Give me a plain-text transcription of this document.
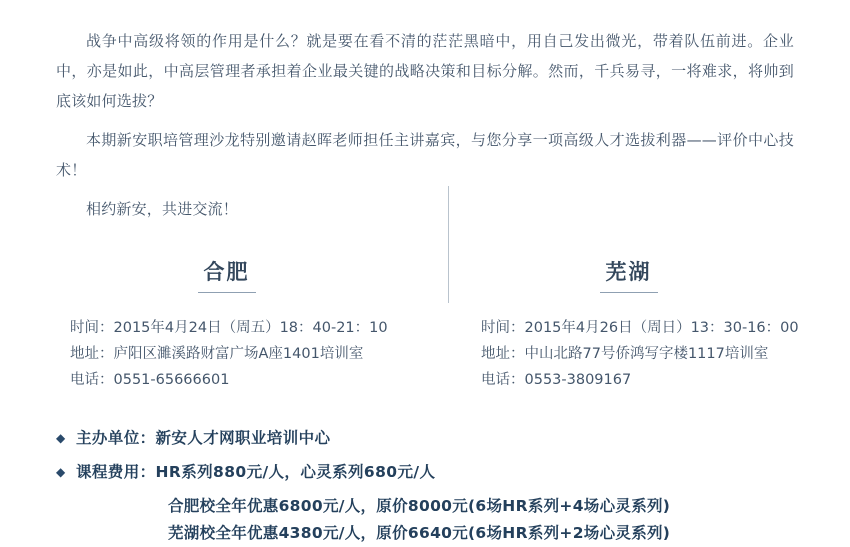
战争中高级将领的作用是什么？就是要在看不清的茫茫黑暗中，用自己发出微光，带着队伍前进。企业中，亦是如此，中高层管理者承担着企业最关键的战略决策和目标分解。然而，千兵易寻，一将难求，将帅到底该如何选拔？

本期新安职培管理沙龙特别邀请赵晖老师担任主讲嘉宾，与您分享一项高级人才选拔利器——评价中心技术！

相约新安，共进交流！

合肥
时间：2015年4月24日（周五）18：40-21：10
地址：庐阳区濉溪路财富广场A座1401培训室
电话：0551-65666601
芜湖
时间：2015年4月26日（周日）13：30-16：00
地址：中山北路77号侨鸿写字楼1117培训室
电话：0553-3809167
◆ 主办单位：新安人才网职业培训中心
◆ 课程费用：HR系列880元/人，心灵系列680元/人
合肥校全年优惠6800元/人，原价8000元(6场HR系列+4场心灵系列)
芜湖校全年优惠4380元/人，原价6640元(6场HR系列+2场心灵系列)
